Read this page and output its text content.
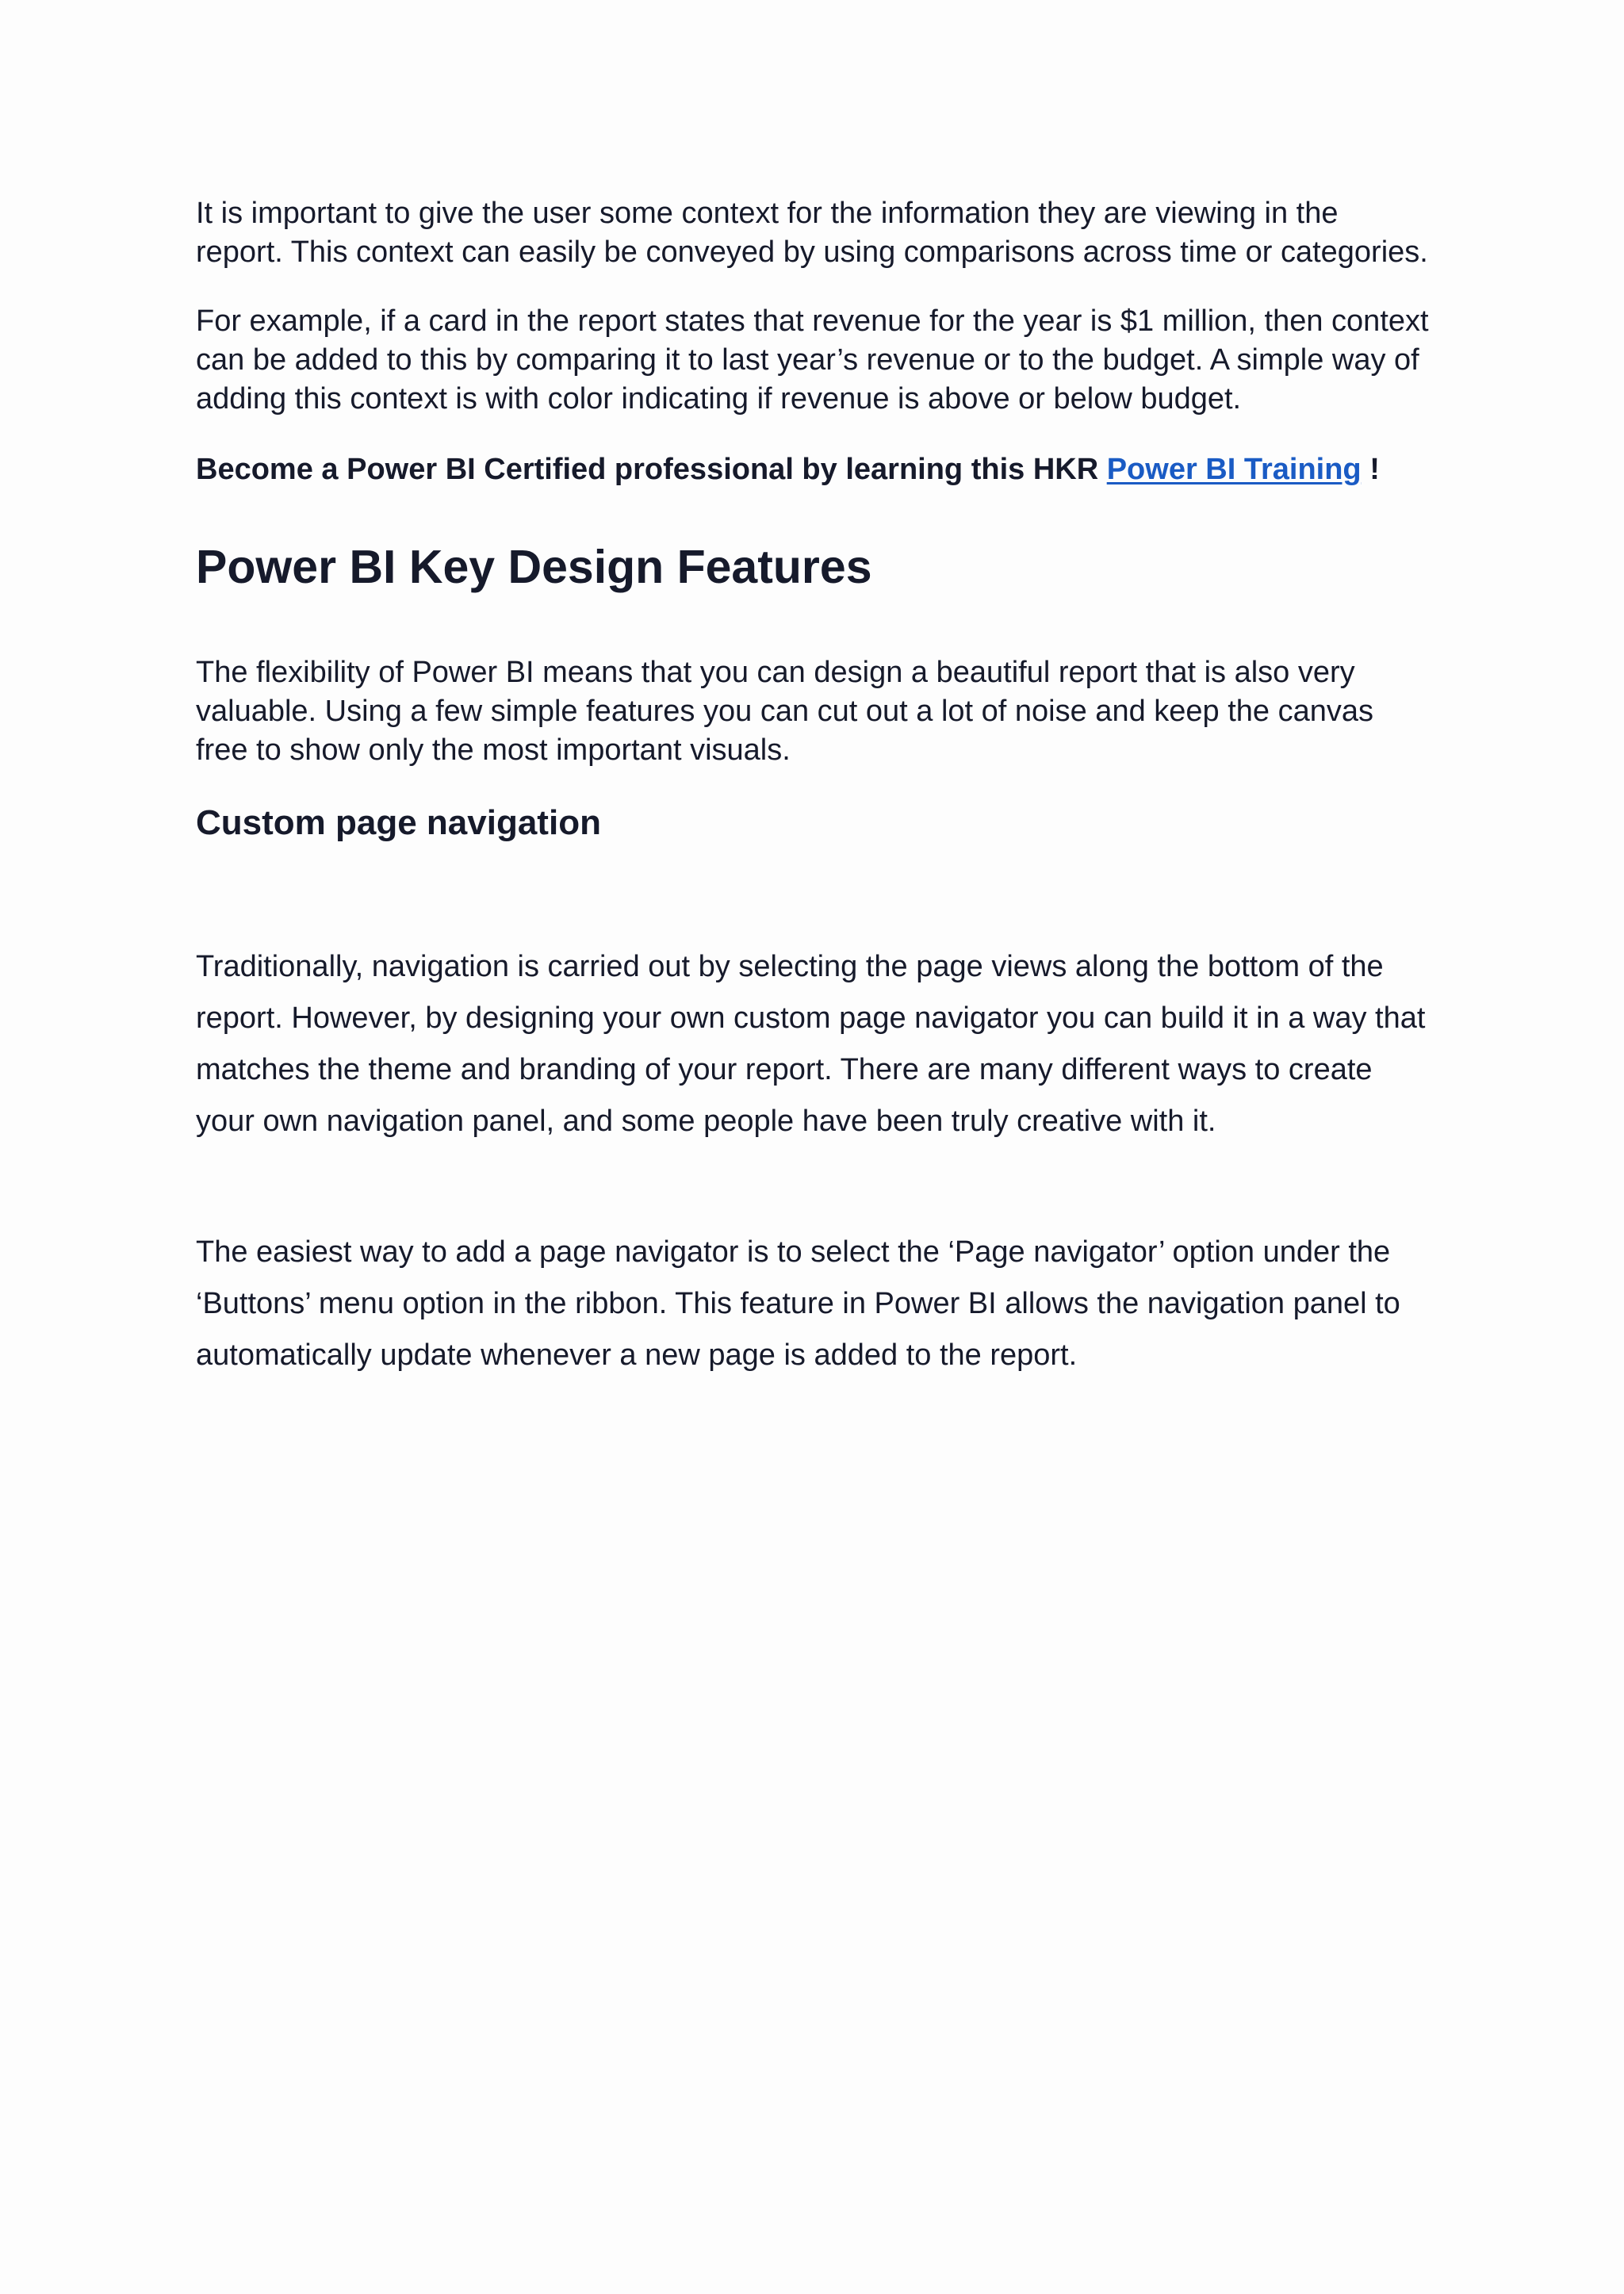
It is important to give the user some context for the information they are viewing in the report. This context can easily be conveyed by using comparisons across time or categories.

For example, if a card in the report states that revenue for the year is $1 million, then context can be added to this by comparing it to last year’s revenue or to the budget. A simple way of adding this context is with color indicating if revenue is above or below budget.

Become a Power BI Certified professional by learning this HKR Power BI Training !

Power BI Key Design Features

The flexibility of Power BI means that you can design a beautiful report that is also very valuable. Using a few simple features you can cut out a lot of noise and keep the canvas free to show only the most important visuals.

Custom page navigation

Traditionally, navigation is carried out by selecting the page views along the bottom of the report. However, by designing your own custom page navigator you can build it in a way that matches the theme and branding of your report. There are many different ways to create your own navigation panel, and some people have been truly creative with it.

The easiest way to add a page navigator is to select the ‘Page navigator’ option under the ‘Buttons’ menu option in the ribbon. This feature in Power BI allows the navigation panel to automatically update whenever a new page is added to the report.
